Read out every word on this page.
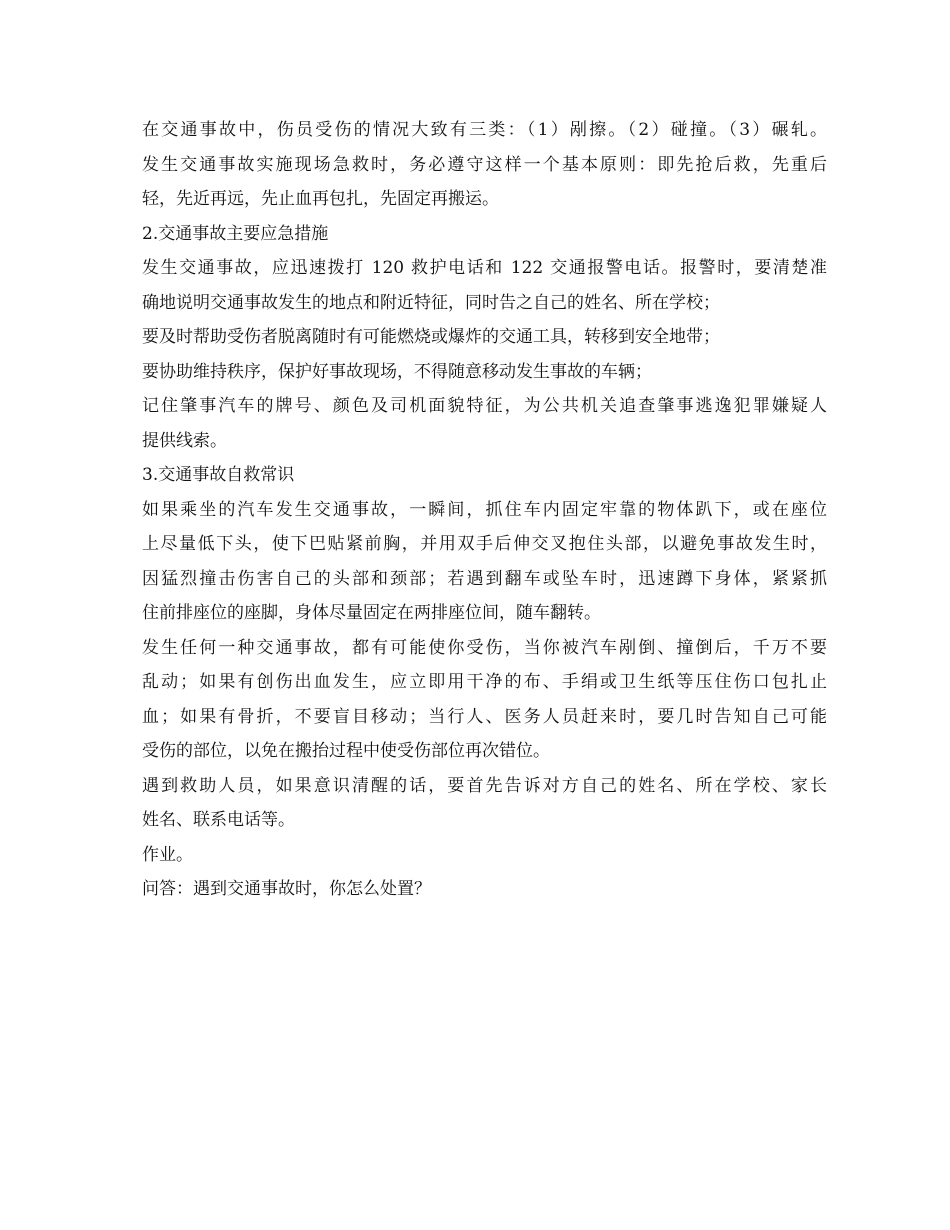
在交通事故中，伤员受伤的情况大致有三类：（1）剐擦。（2）碰撞。（3）碾轧。
发生交通事故实施现场急救时，务必遵守这样一个基本原则：即先抢后救，先重后
轻，先近再远，先止血再包扎，先固定再搬运。
2.交通事故主要应急措施
发生交通事故，应迅速拨打 120 救护电话和 122 交通报警电话。报警时，要清楚准
确地说明交通事故发生的地点和附近特征，同时告之自己的姓名、所在学校；
要及时帮助受伤者脱离随时有可能燃烧或爆炸的交通工具，转移到安全地带；
要协助维持秩序，保护好事故现场，不得随意移动发生事故的车辆；
记住肇事汽车的牌号、颜色及司机面貌特征，为公共机关追查肇事逃逸犯罪嫌疑人
提供线索。
3.交通事故自救常识
如果乘坐的汽车发生交通事故，一瞬间，抓住车内固定牢靠的物体趴下，或在座位
上尽量低下头，使下巴贴紧前胸，并用双手后伸交叉抱住头部，以避免事故发生时，
因猛烈撞击伤害自己的头部和颈部；若遇到翻车或坠车时，迅速蹲下身体，紧紧抓
住前排座位的座脚，身体尽量固定在两排座位间，随车翻转。
发生任何一种交通事故，都有可能使你受伤，当你被汽车剐倒、撞倒后，千万不要
乱动；如果有创伤出血发生，应立即用干净的布、手绢或卫生纸等压住伤口包扎止
血；如果有骨折，不要盲目移动；当行人、医务人员赶来时，要几时告知自己可能
受伤的部位，以免在搬抬过程中使受伤部位再次错位。
遇到救助人员，如果意识清醒的话，要首先告诉对方自己的姓名、所在学校、家长
姓名、联系电话等。
作业。
问答：遇到交通事故时，你怎么处置？
